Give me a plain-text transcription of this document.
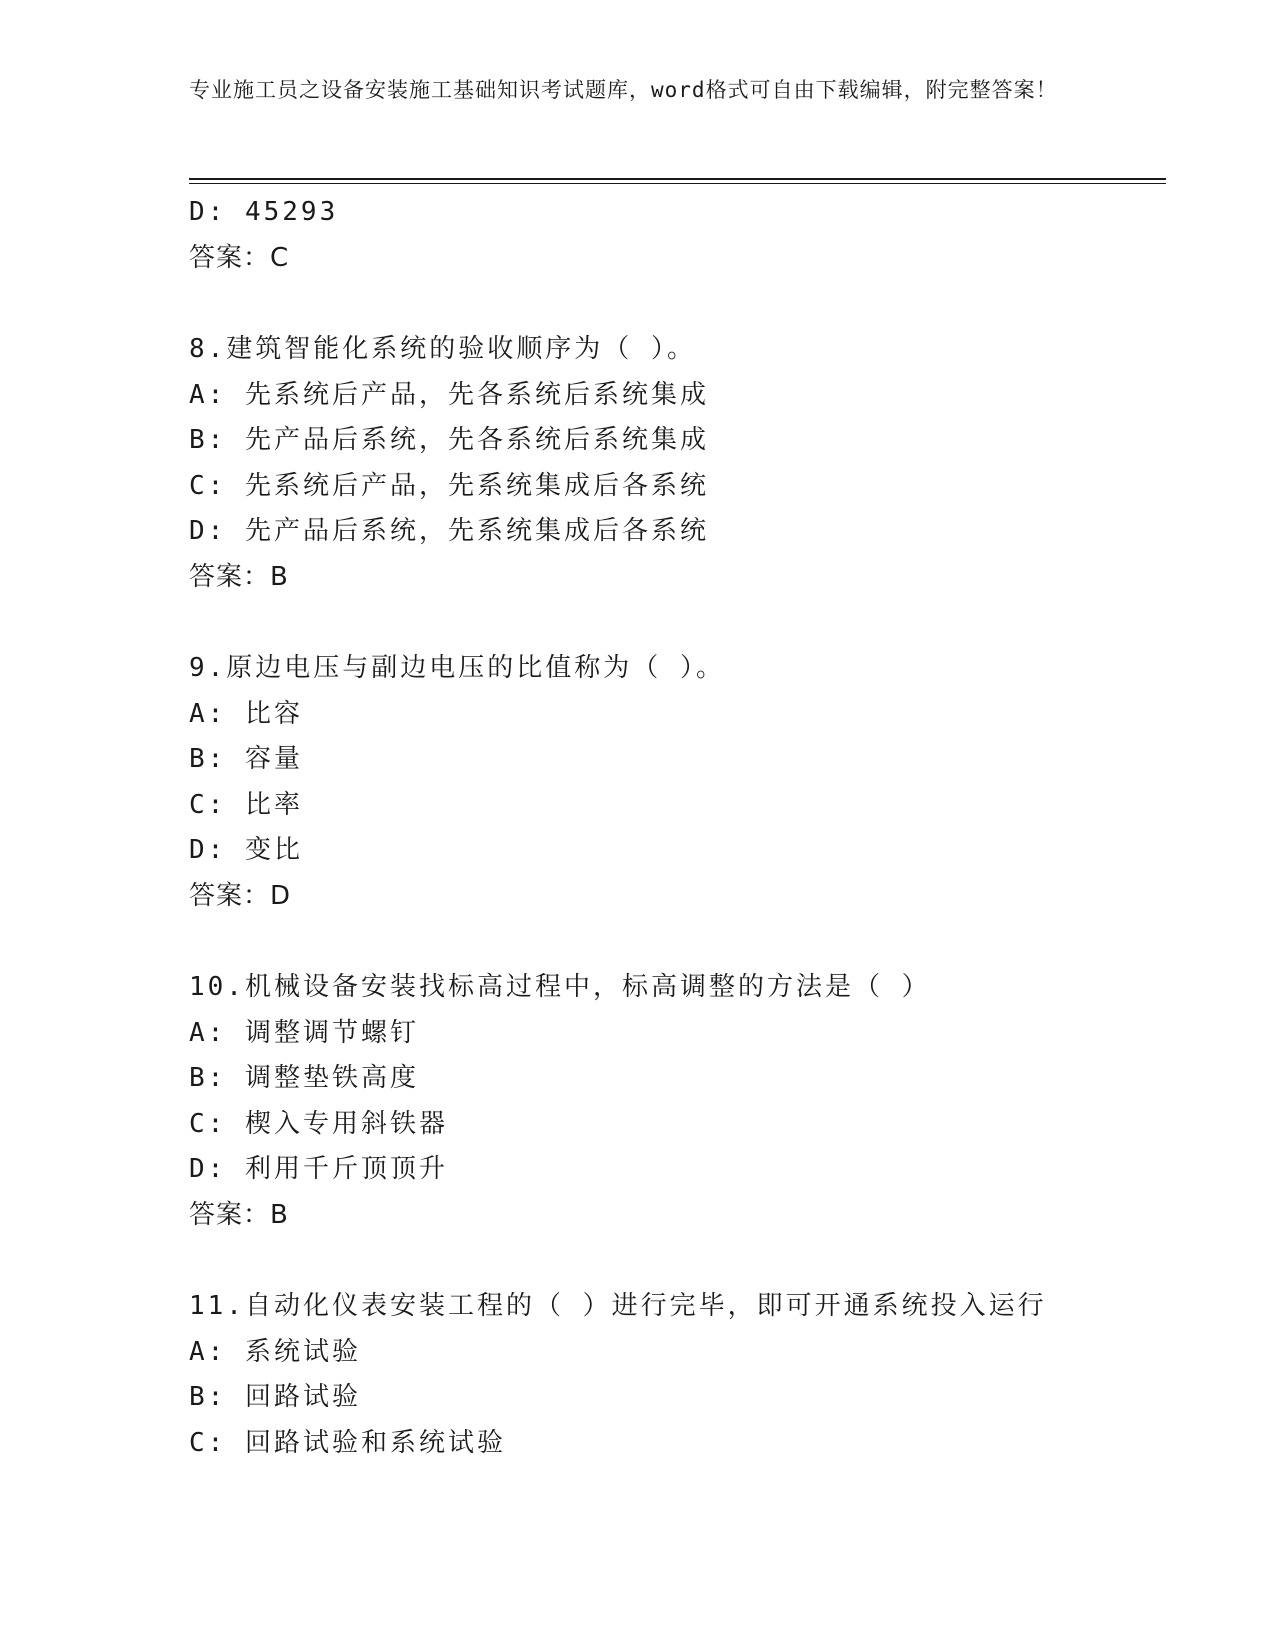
专业施工员之设备安装施工基础知识考试题库，word格式可自由下载编辑，附完整答案！
D: 45293
答案：C
8.建筑智能化系统的验收顺序为（ ）。
A: 先系统后产品，先各系统后系统集成
B: 先产品后系统，先各系统后系统集成
C: 先系统后产品，先系统集成后各系统
D: 先产品后系统，先系统集成后各系统
答案：B
9.原边电压与副边电压的比值称为（ ）。
A: 比容
B: 容量
C: 比率
D: 变比
答案：D
10.机械设备安装找标高过程中，标高调整的方法是（ ）
A: 调整调节螺钉
B: 调整垫铁高度
C: 楔入专用斜铁器
D: 利用千斤顶顶升
答案：B
11.自动化仪表安装工程的（ ）进行完毕，即可开通系统投入运行
A: 系统试验
B: 回路试验
C: 回路试验和系统试验
